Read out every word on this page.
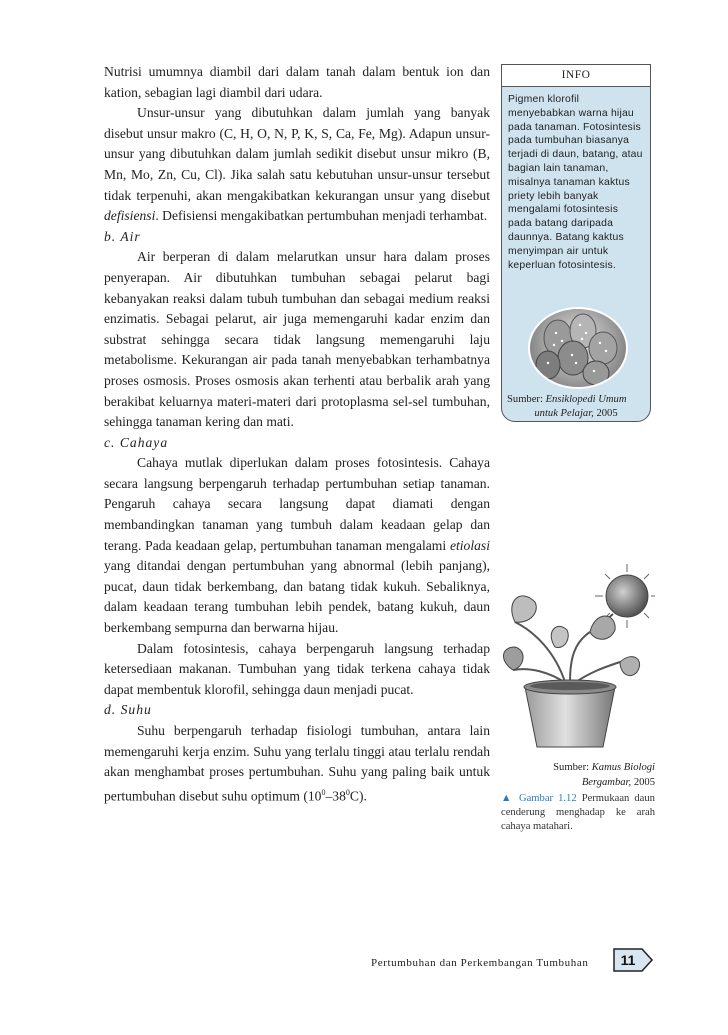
Nutrisi umumnya diambil dari dalam tanah dalam bentuk ion dan kation, sebagian lagi diambil dari udara.

Unsur-unsur yang dibutuhkan dalam jumlah yang banyak disebut unsur makro (C, H, O, N, P, K, S, Ca, Fe, Mg). Adapun unsur-unsur yang dibutuhkan dalam jumlah sedikit disebut unsur mikro (B, Mn, Mo, Zn, Cu, Cl). Jika salah satu kebutuhan unsur-unsur tersebut tidak terpenuhi, akan mengakibatkan kekurangan unsur yang disebut defisiensi. Defisiensi mengakibatkan pertumbuhan menjadi terhambat.

b. Air

Air berperan di dalam melarutkan unsur hara dalam proses penyerapan. Air dibutuhkan tumbuhan sebagai pelarut bagi kebanyakan reaksi dalam tubuh tumbuhan dan sebagai medium reaksi enzimatis. Sebagai pelarut, air juga memengaruhi kadar enzim dan substrat sehingga secara tidak langsung memengaruhi laju metabolisme. Kekurangan air pada tanah menyebabkan terhambatnya proses osmosis. Proses osmosis akan terhenti atau berbalik arah yang berakibat keluarnya materi-materi dari protoplasma sel-sel tumbuhan, sehingga tanaman kering dan mati.

c. Cahaya

Cahaya mutlak diperlukan dalam proses fotosintesis. Cahaya secara langsung berpengaruh terhadap pertumbuhan setiap tanaman. Pengaruh cahaya secara langsung dapat diamati dengan membandingkan tanaman yang tumbuh dalam keadaan gelap dan terang. Pada keadaan gelap, pertumbuhan tanaman mengalami etiolasi yang ditandai dengan pertumbuhan yang abnormal (lebih panjang), pucat, daun tidak berkembang, dan batang tidak kukuh. Sebaliknya, dalam keadaan terang tumbuhan lebih pendek, batang kukuh, daun berkembang sempurna dan berwarna hijau.

Dalam fotosintesis, cahaya berpengaruh langsung terhadap ketersediaan makanan. Tumbuhan yang tidak terkena cahaya tidak dapat membentuk klorofil, sehingga daun menjadi pucat.

d. Suhu

Suhu berpengaruh terhadap fisiologi tumbuhan, antara lain memengaruhi kerja enzim. Suhu yang terlalu tinggi atau terlalu rendah akan menghambat proses pertumbuhan. Suhu yang paling baik untuk pertumbuhan disebut suhu optimum $(10^0-38^0C)$.

INFO
Pigmen klorofil menyebabkan warna hijau pada tanaman. Fotosintesis pada tumbuhan biasanya terjadi di daun, batang, atau bagian lain tanaman, misalnya tanaman kaktus priety lebih banyak mengalami fotosintesis pada batang daripada daunnya. Batang kaktus menyimpan air untuk keperluan fotosintesis.
Sumber: Ensiklopedi Umum
untuk Pelajar, 2005
Sumber: Kamus Biologi
Bergambar, 2005
▲ Gambar 1.12 Permukaan daun cenderung menghadap ke arah cahaya matahari.
Pertumbuhan dan Perkembangan Tumbuhan	11
